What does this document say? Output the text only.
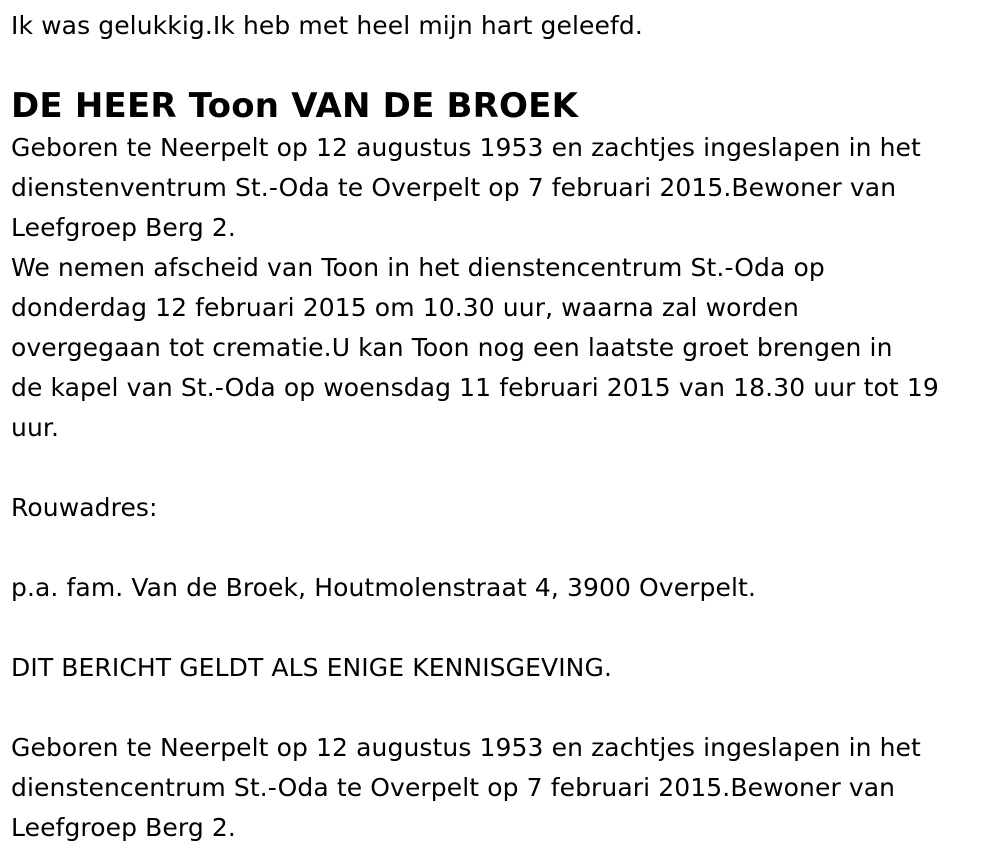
Ik was gelukkig.Ik heb met heel mijn hart geleefd.
DE HEER Toon VAN DE BROEK
Geboren te Neerpelt op 12 augustus 1953 en zachtjes ingeslapen in het
dienstenventrum St.-Oda te Overpelt op 7 februari 2015.Bewoner van
Leefgroep Berg 2.
We nemen afscheid van Toon in het dienstencentrum St.-Oda op
donderdag 12 februari 2015 om 10.30 uur, waarna zal worden
overgegaan tot crematie.U kan Toon nog een laatste groet brengen in
de kapel van St.-Oda op woensdag 11 februari 2015 van 18.30 uur tot 19
uur.
Rouwadres:
p.a. fam. Van de Broek, Houtmolenstraat 4, 3900 Overpelt.
DIT BERICHT GELDT ALS ENIGE KENNISGEVING.
Geboren te Neerpelt op 12 augustus 1953 en zachtjes ingeslapen in het
dienstencentrum St.-Oda te Overpelt op 7 februari 2015.Bewoner van
Leefgroep Berg 2.
